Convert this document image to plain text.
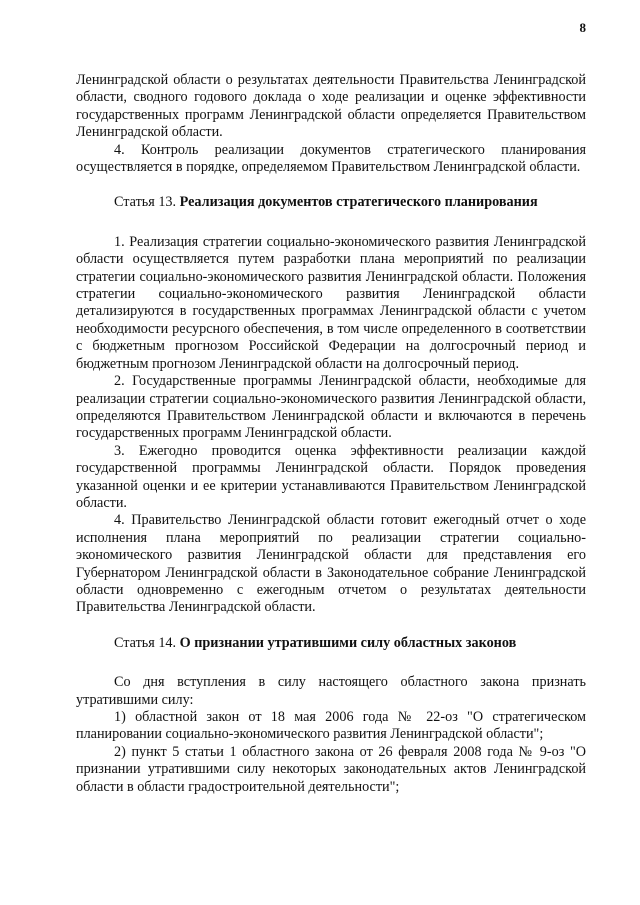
8

Ленинградской области о результатах деятельности Правительства Ленинградской области, сводного годового доклада о ходе реализации и оценке эффективности государственных программ Ленинградской области определяется Правительством Ленинградской области.

4. Контроль реализации документов стратегического планирования осуществляется в порядке, определяемом Правительством Ленинградской области.

Статья 13. Реализация документов стратегического планирования

1. Реализация стратегии социально-экономического развития Ленинградской области осуществляется путем разработки плана мероприятий по реализации стратегии социально-экономического развития Ленинградской области. Положения стратегии социально-экономического развития Ленинградской области детализируются в государственных программах Ленинградской области с учетом необходимости ресурсного обеспечения, в том числе определенного в соответствии с бюджетным прогнозом Российской Федерации на долгосрочный период и бюджетным прогнозом Ленинградской области на долгосрочный период.

2. Государственные программы Ленинградской области, необходимые для реализации стратегии социально-экономического развития Ленинградской области, определяются Правительством Ленинградской области и включаются в перечень государственных программ Ленинградской области.

3. Ежегодно проводится оценка эффективности реализации каждой государственной программы Ленинградской области. Порядок проведения указанной оценки и ее критерии устанавливаются Правительством Ленинградской области.

4. Правительство Ленинградской области готовит ежегодный отчет о ходе исполнения плана мероприятий по реализации стратегии социально-экономического развития Ленинградской области для представления его Губернатором Ленинградской области в Законодательное собрание Ленинградской области одновременно с ежегодным отчетом о результатах деятельности Правительства Ленинградской области.

Статья 14. О признании утратившими силу областных законов

Со дня вступления в силу настоящего областного закона признать утратившими силу:

1) областной закон от 18 мая 2006 года № 22-оз "О стратегическом планировании социально-экономического развития Ленинградской области";

2) пункт 5 статьи 1 областного закона от 26 февраля 2008 года № 9-оз "О признании утратившими силу некоторых законодательных актов Ленинградской области в области градостроительной деятельности";
